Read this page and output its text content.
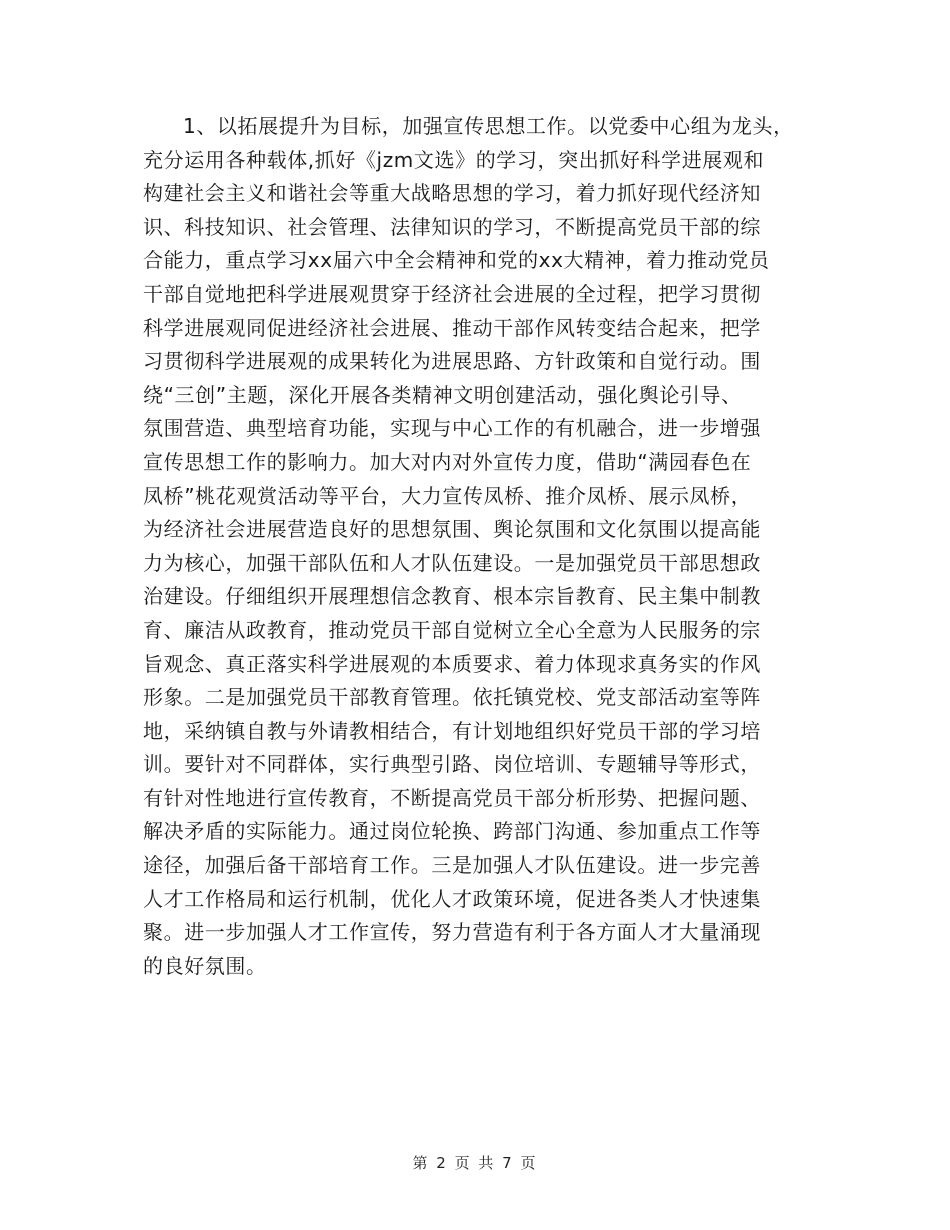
1、以拓展提升为目标，加强宣传思想工作。以党委中心组为龙头，
充分运用各种载体,抓好《jzm文选》的学习，突出抓好科学进展观和
构建社会主义和谐社会等重大战略思想的学习，着力抓好现代经济知
识、科技知识、社会管理、法律知识的学习，不断提高党员干部的综
合能力，重点学习xx届六中全会精神和党的xx大精神，着力推动党员
干部自觉地把科学进展观贯穿于经济社会进展的全过程，把学习贯彻
科学进展观同促进经济社会进展、推动干部作风转变结合起来，把学
习贯彻科学进展观的成果转化为进展思路、方针政策和自觉行动。围
绕“三创”主题，深化开展各类精神文明创建活动，强化舆论引导、
氛围营造、典型培育功能，实现与中心工作的有机融合，进一步增强
宣传思想工作的影响力。加大对内对外宣传力度，借助“满园春色在
凤桥”桃花观赏活动等平台，大力宣传凤桥、推介凤桥、展示凤桥，
为经济社会进展营造良好的思想氛围、舆论氛围和文化氛围以提高能
力为核心，加强干部队伍和人才队伍建设。一是加强党员干部思想政
治建设。仔细组织开展理想信念教育、根本宗旨教育、民主集中制教
育、廉洁从政教育，推动党员干部自觉树立全心全意为人民服务的宗
旨观念、真正落实科学进展观的本质要求、着力体现求真务实的作风
形象。二是加强党员干部教育管理。依托镇党校、党支部活动室等阵
地，采纳镇自教与外请教相结合，有计划地组织好党员干部的学习培
训。要针对不同群体，实行典型引路、岗位培训、专题辅导等形式，
有针对性地进行宣传教育，不断提高党员干部分析形势、把握问题、
解决矛盾的实际能力。通过岗位轮换、跨部门沟通、参加重点工作等
途径，加强后备干部培育工作。三是加强人才队伍建设。进一步完善
人才工作格局和运行机制，优化人才政策环境，促进各类人才快速集
聚。进一步加强人才工作宣传，努力营造有利于各方面人才大量涌现
的良好氛围。
第 2 页 共 7 页
